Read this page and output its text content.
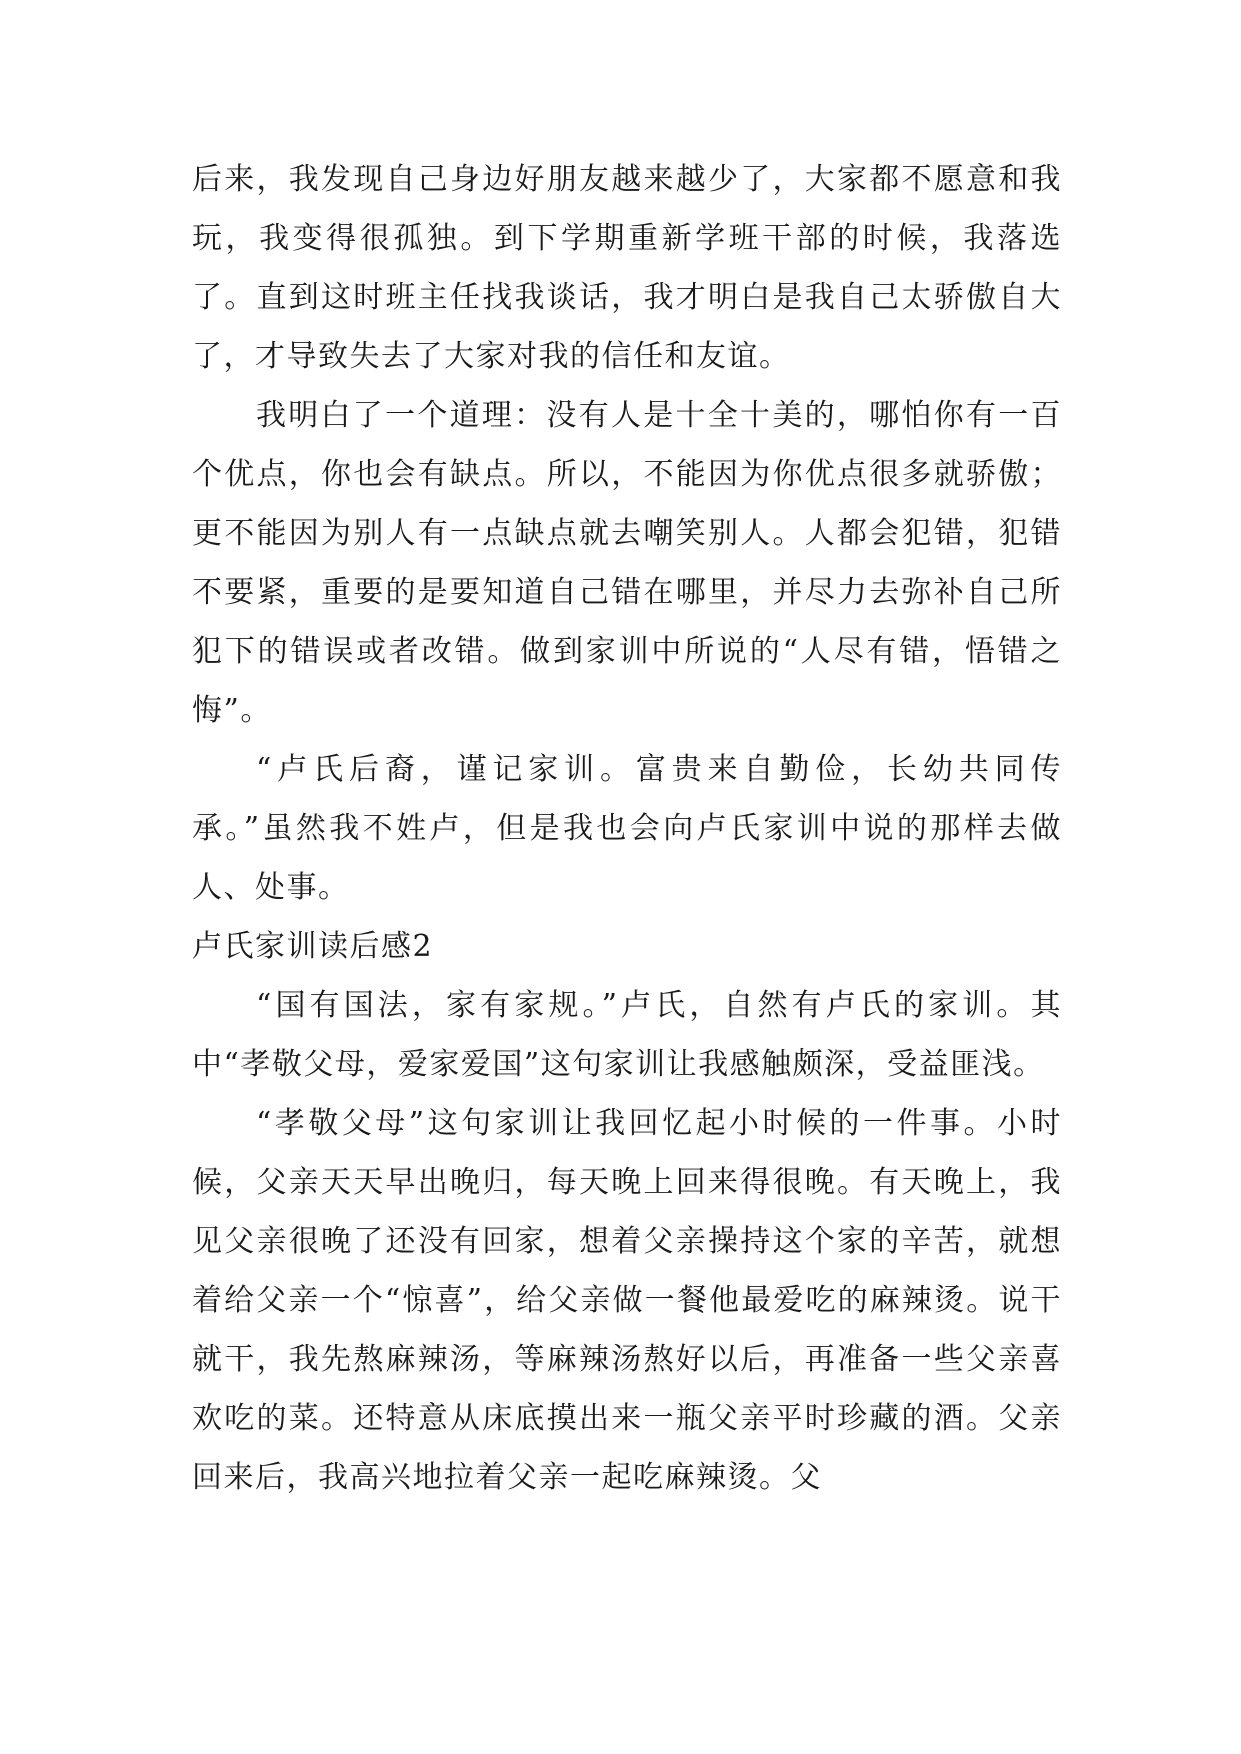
后来，我发现自己身边好朋友越来越少了，大家都不愿意和我玩，我变得很孤独。到下学期重新学班干部的时候，我落选了。直到这时班主任找我谈话，我才明白是我自己太骄傲自大了，才导致失去了大家对我的信任和友谊。

我明白了一个道理：没有人是十全十美的，哪怕你有一百个优点，你也会有缺点。所以，不能因为你优点很多就骄傲；更不能因为别人有一点缺点就去嘲笑别人。人都会犯错，犯错不要紧，重要的是要知道自己错在哪里，并尽力去弥补自己所犯下的错误或者改错。做到家训中所说的“人尽有错，悟错之悔”。

“卢氏后裔，谨记家训。富贵来自勤俭，长幼共同传承。”虽然我不姓卢，但是我也会向卢氏家训中说的那样去做人、处事。

卢氏家训读后感2

“国有国法，家有家规。”卢氏，自然有卢氏的家训。其中“孝敬父母，爱家爱国”这句家训让我感触颇深，受益匪浅。

“孝敬父母”这句家训让我回忆起小时候的一件事。小时候，父亲天天早出晚归，每天晚上回来得很晚。有天晚上，我见父亲很晚了还没有回家，想着父亲操持这个家的辛苦，就想着给父亲一个“惊喜”，给父亲做一餐他最爱吃的麻辣烫。说干就干，我先熬麻辣汤，等麻辣汤熬好以后，再准备一些父亲喜欢吃的菜。还特意从床底摸出来一瓶父亲平时珍藏的酒。父亲回来后，我高兴地拉着父亲一起吃麻辣烫。父
